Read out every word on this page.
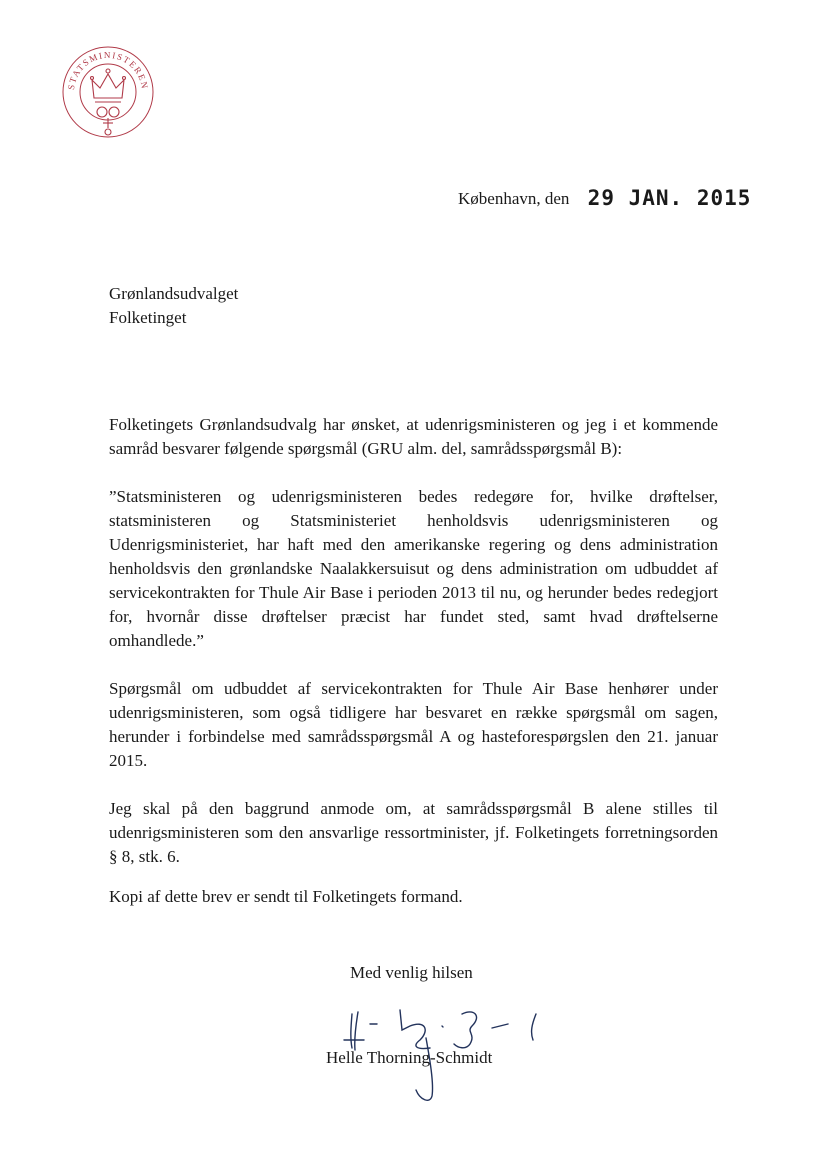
STATSMINISTEREN
København, den 29 JAN. 2015
Grønlandsudvalget
Folketinget

Folketingets Grønlandsudvalg har ønsket, at udenrigsministeren og jeg i et kommende samråd besvarer følgende spørgsmål (GRU alm. del, samrådsspørgsmål B):

”Statsministeren og udenrigsministeren bedes redegøre for, hvilke drøftelser, statsministeren og Statsministeriet henholdsvis udenrigsministeren og Udenrigsministeriet, har haft med den amerikanske regering og dens administration henholdsvis den grønlandske Naalakkersuisut og dens administration om udbuddet af servicekontrakten for Thule Air Base i perioden 2013 til nu, og herunder bedes redegjort for, hvornår disse drøftelser præcist har fundet sted, samt hvad drøftelserne omhandlede.”

Spørgsmål om udbuddet af servicekontrakten for Thule Air Base henhører under udenrigsministeren, som også tidligere har besvaret en række spørgsmål om sagen, herunder i forbindelse med samrådsspørgsmål A og hasteforespørgslen den 21. januar 2015.

Jeg skal på den baggrund anmode om, at samrådsspørgsmål B alene stilles til udenrigsministeren som den ansvarlige ressortminister, jf. Folketingets forretningsorden § 8, stk. 6.

Kopi af dette brev er sendt til Folketingets formand.

Med venlig hilsen
Helle Thorning-Schmidt
